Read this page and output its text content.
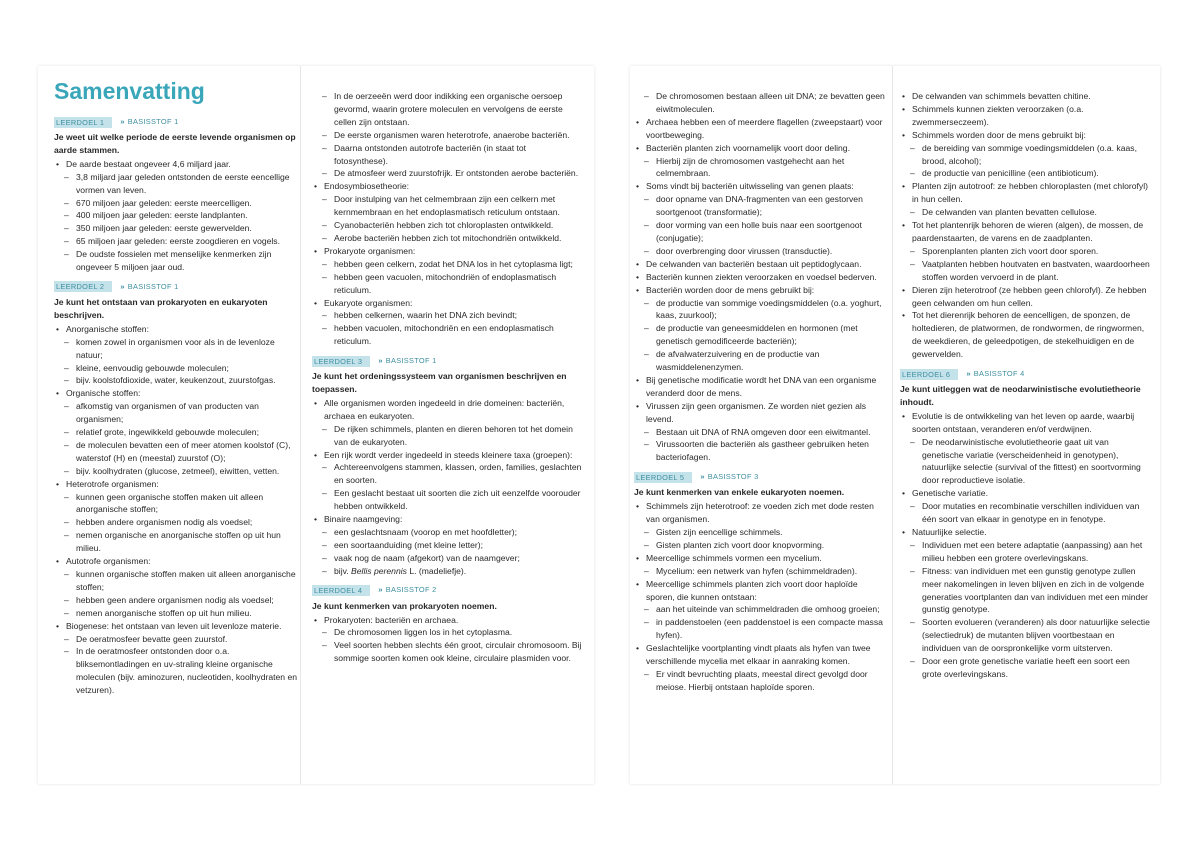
Samenvatting
LEERDOEL 1	» BASISSTOF 1
Je weet uit welke periode de eerste levende organismen op aarde stammen.
• De aarde bestaat ongeveer 4,6 miljard jaar.
– 3,8 miljard jaar geleden ontstonden de eerste eencellige vormen van leven.
– 670 miljoen jaar geleden: eerste meercelligen.
– 400 miljoen jaar geleden: eerste landplanten.
– 350 miljoen jaar geleden: eerste gewervelden.
– 65 miljoen jaar geleden: eerste zoogdieren en vogels.
– De oudste fossielen met menselijke kenmerken zijn ongeveer 5 miljoen jaar oud.
LEERDOEL 2	» BASISSTOF 1
Je kunt het ontstaan van prokaryoten en eukaryoten beschrijven.
• Anorganische stoffen:
– komen zowel in organismen voor als in de levenloze natuur;
– kleine, eenvoudig gebouwde moleculen;
– bijv. koolstofdioxide, water, keukenzout, zuurstofgas.
• Organische stoffen:
– afkomstig van organismen of van producten van organismen;
– relatief grote, ingewikkeld gebouwde moleculen;
– de moleculen bevatten een of meer atomen koolstof (C), waterstof (H) en (meestal) zuurstof (O);
– bijv. koolhydraten (glucose, zetmeel), eiwitten, vetten.
• Heterotrofe organismen:
– kunnen geen organische stoffen maken uit alleen anorganische stoffen;
– hebben andere organismen nodig als voedsel;
– nemen organische en anorganische stoffen op uit hun milieu.
• Autotrofe organismen:
– kunnen organische stoffen maken uit alleen anorganische stoffen;
– hebben geen andere organismen nodig als voedsel;
– nemen anorganische stoffen op uit hun milieu.
• Biogenese: het ontstaan van leven uit levenloze materie.
– De oeratmosfeer bevatte geen zuurstof.
– In de oeratmosfeer ontstonden door o.a. bliksemontladingen en uv-straling kleine organische moleculen (bijv. aminozuren, nucleotiden, koolhydraten en vetzuren).
– In de oerzeeën werd door indikking een organische oersoep gevormd, waarin grotere moleculen en vervolgens de eerste cellen zijn ontstaan.
– De eerste organismen waren heterotrofe, anaerobe bacteriën.
– Daarna ontstonden autotrofe bacteriën (in staat tot fotosynthese).
– De atmosfeer werd zuurstofrijk. Er ontstonden aerobe bacteriën.
• Endosymbiosetheorie:
– Door instulping van het celmembraan zijn een celkern met kernmembraan en het endoplasmatisch reticulum ontstaan.
– Cyanobacteriën hebben zich tot chloroplasten ontwikkeld.
– Aerobe bacteriën hebben zich tot mitochondriën ontwikkeld.
• Prokaryote organismen:
– hebben geen celkern, zodat het DNA los in het cytoplasma ligt;
– hebben geen vacuolen, mitochondriën of endoplasmatisch reticulum.
• Eukaryote organismen:
– hebben celkernen, waarin het DNA zich bevindt;
– hebben vacuolen, mitochondriën en een endoplasmatisch reticulum.
LEERDOEL 3	» BASISSTOF 1
Je kunt het ordeningssysteem van organismen beschrijven en toepassen.
• Alle organismen worden ingedeeld in drie domeinen: bacteriën, archaea en eukaryoten.
– De rijken schimmels, planten en dieren behoren tot het domein van de eukaryoten.
• Een rijk wordt verder ingedeeld in steeds kleinere taxa (groepen):
– Achtereenvolgens stammen, klassen, orden, families, geslachten en soorten.
– Een geslacht bestaat uit soorten die zich uit eenzelfde voorouder hebben ontwikkeld.
• Binaire naamgeving:
– een geslachtsnaam (voorop en met hoofdletter);
– een soortaanduiding (met kleine letter);
– vaak nog de naam (afgekort) van de naamgever;
– bijv. Bellis perennis L. (madeliefje).
LEERDOEL 4	» BASISSTOF 2
Je kunt kenmerken van prokaryoten noemen.
• Prokaryoten: bacteriën en archaea.
– De chromosomen liggen los in het cytoplasma.
– Veel soorten hebben slechts één groot, circulair chromosoom. Bij sommige soorten komen ook kleine, circulaire plasmiden voor.
– De chromosomen bestaan alleen uit DNA; ze bevatten geen eiwitmoleculen.
• Archaea hebben een of meerdere flagellen (zweepstaart) voor voortbeweging.
• Bacteriën planten zich voornamelijk voort door deling.
– Hierbij zijn de chromosomen vastgehecht aan het celmembraan.
• Soms vindt bij bacteriën uitwisseling van genen plaats:
– door opname van DNA-fragmenten van een gestorven soortgenoot (transformatie);
– door vorming van een holle buis naar een soortgenoot (conjugatie);
– door overbrenging door virussen (transductie).
• De celwanden van bacteriën bestaan uit peptidoglycaan.
• Bacteriën kunnen ziekten veroorzaken en voedsel bederven.
• Bacteriën worden door de mens gebruikt bij:
– de productie van sommige voedingsmiddelen (o.a. yoghurt, kaas, zuurkool);
– de productie van geneesmiddelen en hormonen (met genetisch gemodificeerde bacteriën);
– de afvalwaterzuivering en de productie van wasmiddelenenzymen.
• Bij genetische modificatie wordt het DNA van een organisme veranderd door de mens.
• Virussen zijn geen organismen. Ze worden niet gezien als levend.
– Bestaan uit DNA of RNA omgeven door een eiwitmantel.
– Virussoorten die bacteriën als gastheer gebruiken heten bacteriofagen.
LEERDOEL 5	» BASISSTOF 3
Je kunt kenmerken van enkele eukaryoten noemen.
• Schimmels zijn heterotroof: ze voeden zich met dode resten van organismen.
– Gisten zijn eencellige schimmels.
– Gisten planten zich voort door knopvorming.
• Meercellige schimmels vormen een mycelium.
– Mycelium: een netwerk van hyfen (schimmeldraden).
• Meercellige schimmels planten zich voort door haploïde sporen, die kunnen ontstaan:
– aan het uiteinde van schimmeldraden die omhoog groeien;
– in paddenstoelen (een paddenstoel is een compacte massa hyfen).
• Geslachtelijke voortplanting vindt plaats als hyfen van twee verschillende mycelia met elkaar in aanraking komen.
– Er vindt bevruchting plaats, meestal direct gevolgd door meiose. Hierbij ontstaan haploïde sporen.
• De celwanden van schimmels bevatten chitine.
• Schimmels kunnen ziekten veroorzaken (o.a. zwemmerseczeem).
• Schimmels worden door de mens gebruikt bij:
– de bereiding van sommige voedingsmiddelen (o.a. kaas, brood, alcohol);
– de productie van penicilline (een antibioticum).
• Planten zijn autotroof: ze hebben chloroplasten (met chlorofyl) in hun cellen.
– De celwanden van planten bevatten cellulose.
• Tot het plantenrijk behoren de wieren (algen), de mossen, de paardenstaarten, de varens en de zaadplanten.
– Sporenplanten planten zich voort door sporen.
– Vaatplanten hebben houtvaten en bastvaten, waardoorheen stoffen worden vervoerd in de plant.
• Dieren zijn heterotroof (ze hebben geen chlorofyl). Ze hebben geen celwanden om hun cellen.
• Tot het dierenrijk behoren de eencelligen, de sponzen, de holtedieren, de platwormen, de rondwormen, de ringwormen, de weekdieren, de geleedpotigen, de stekelhuidigen en de gewervelden.
LEERDOEL 6	» BASISSTOF 4
Je kunt uitleggen wat de neodarwinistische evolutietheorie inhoudt.
• Evolutie is de ontwikkeling van het leven op aarde, waarbij soorten ontstaan, veranderen en/of verdwijnen.
– De neodarwinistische evolutietheorie gaat uit van genetische variatie (verscheidenheid in genotypen), natuurlijke selectie (survival of the fittest) en soortvorming door reproductieve isolatie.
• Genetische variatie.
– Door mutaties en recombinatie verschillen individuen van één soort van elkaar in genotype en in fenotype.
• Natuurlijke selectie.
– Individuen met een betere adaptatie (aanpassing) aan het milieu hebben een grotere overlevingskans.
– Fitness: van individuen met een gunstig genotype zullen meer nakomelingen in leven blijven en zich in de volgende generaties voortplanten dan van individuen met een minder gunstig genotype.
– Soorten evolueren (veranderen) als door natuurlijke selectie (selectiedruk) de mutanten blijven voortbestaan en individuen van de oorspronkelijke vorm uitsterven.
– Door een grote genetische variatie heeft een soort een grote overlevingskans.
